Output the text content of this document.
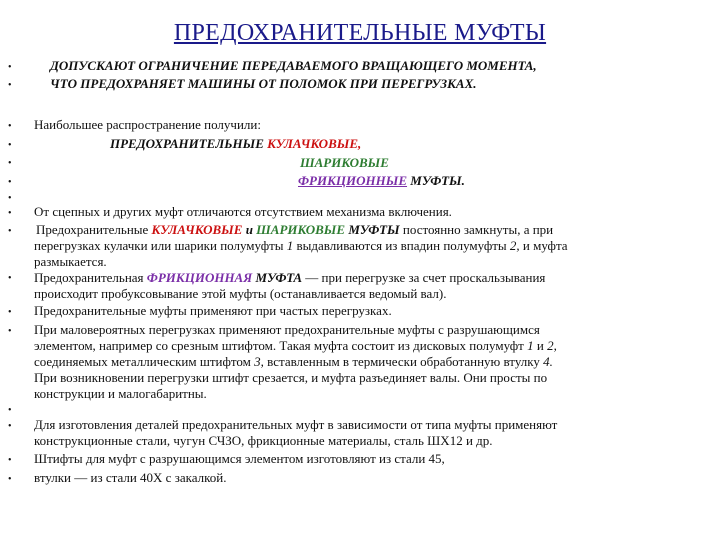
ПРЕДОХРАНИТЕЛЬНЫЕ МУФТЫ
•
•
•
•
•
•
•
•
•
•
•
•
•
•
•
•
ДОПУСКАЮТ ОГРАНИЧЕНИЕ ПЕРЕДАВАЕМОГО ВРАЩАЮЩЕГО МОМЕНТА,
ЧТО ПРЕДОХРАНЯЕТ МАШИНЫ ОТ ПОЛОМОК ПРИ ПЕРЕГРУЗКАХ.
Наибольшее распространение получили:
ПРЕДОХРАНИТЕЛЬНЫЕ КУЛАЧКОВЫЕ,
ШАРИКОВЫЕ
ФРИКЦИОННЫЕ МУФТЫ.
От сцепных и других муфт отличаются отсутствием механизма включения.
Предохранительные КУЛАЧКОВЫЕ и ШАРИКОВЫЕ МУФТЫ постоянно замкнуты, а при
перегрузках кулачки или шарики полумуфты 1 выдавливаются из впадин полумуфты 2, и муфта
размыкается.
Предохранительная ФРИКЦИОННАЯ МУФТА — при перегрузке за счет проскальзывания
происходит пробуксовывание этой муфты (останавливается ведомый вал).
Предохранительные муфты применяют при частых перегрузках.
При маловероятных перегрузках применяют предохранительные муфты с разрушающимся
элементом, например со срезным штифтом. Такая муфта состоит из дисковых полумуфт 1 и 2,
соединяемых металлическим штифтом 3, вставленным в термически обработанную втулку 4.
При возникновении перегрузки штифт срезается, и муфта разъединяет валы. Они просты по
конструкции и малогабаритны.
Для изготовления деталей предохранительных муфт в зависимости от типа муфты применяют
конструкционные стали, чугун СЧЗО, фрикционные материалы, сталь ШХ12 и др.
Штифты для муфт с разрушающимся элементом изготовляют из стали 45,
втулки — из стали 40Х с закалкой.
